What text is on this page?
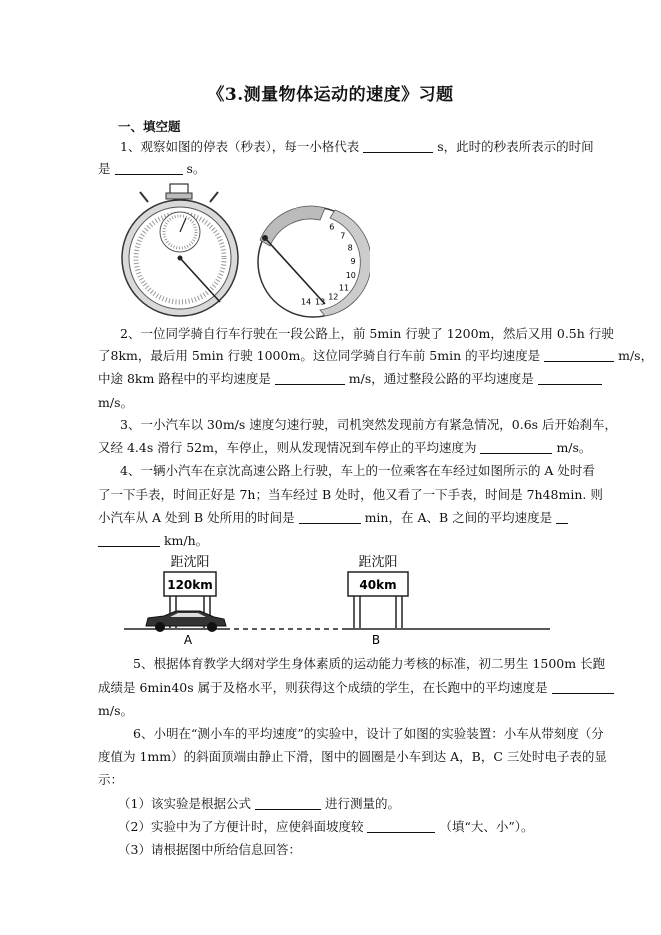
《3.测量物体运动的速度》习题
一、填空题
1、观察如图的停表（秒表），每一小格代表	s，此时的秒表所表示的时间
是	s。
6
7
8
9
10
11
12
13
14
2、一位同学骑自行车行驶在一段公路上，前 5min 行驶了 1200m，然后又用 0.5h 行驶
了8km，最后用 5min 行驶 1000m。这位同学骑自行车前 5min 的平均速度是	m/s，
中途 8km 路程中的平均速度是	m/s，通过整段公路的平均速度是
m/s。
3、一小汽车以 30m/s 速度匀速行驶，司机突然发现前方有紧急情况，0.6s 后开始刹车，
又经 4.4s 滑行 52m，车停止，则从发现情况到车停止的平均速度为	m/s。
4、一辆小汽车在京沈高速公路上行驶，车上的一位乘客在车经过如图所示的 A 处时看
了一下手表，时间正好是 7h；当车经过 B 处时，他又看了一下手表，时间是 7h48min. 则
小汽车从 A 处到 B 处所用的时间是	min，在 A、B 之间的平均速度是
km/h。
距沈阳
120km
距沈阳
40km
A	B
5、根据体育教学大纲对学生身体素质的运动能力考核的标准，初二男生 1500m 长跑
成绩是 6min40s 属于及格水平，则获得这个成绩的学生，在长跑中的平均速度是
m/s。
6、小明在“测小车的平均速度”的实验中，设计了如图的实验装置：小车从带刻度（分
度值为 1mm）的斜面顶端由静止下滑，图中的圆圈是小车到达 A，B，C 三处时电子表的显
示：
（1）该实验是根据公式	进行测量的。
（2）实验中为了方便计时，应使斜面坡度较	（填“大、小”）。
（3）请根据图中所给信息回答：
